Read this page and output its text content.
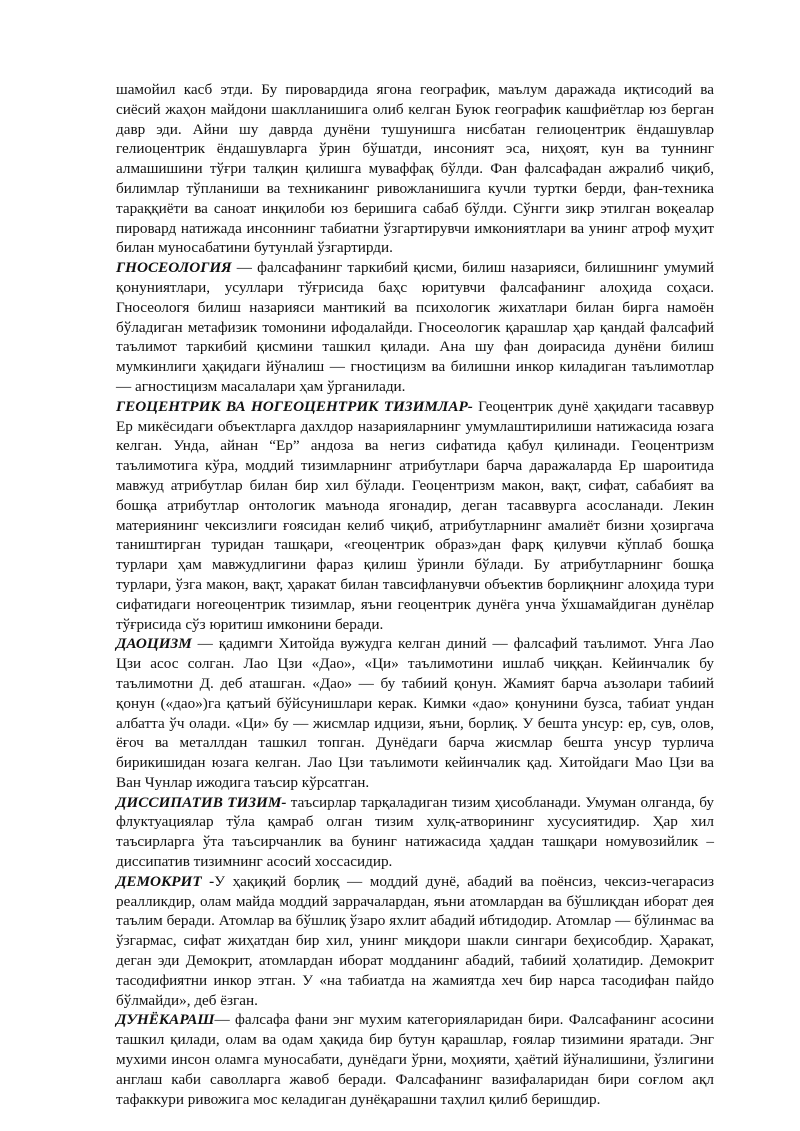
шамойил касб этди. Бу пировардида ягона географик, маълум даражада иқтисодий ва сиёсий жаҳон майдони шаклланишига олиб келган Буюк географик кашфиётлар юз берган давр эди. Айни шу даврда дунёни тушунишга нисбатан гелиоцентрик ёндашувлар гелиоцентрик ёндашувларга ўрин бўшатди, инсоният эса, ниҳоят, кун ва туннинг алмашишини тўғри талқин қилишга муваффақ бўлди. Фан фалсафадан ажралиб чиқиб, билимлар тўпланиши ва техниканинг ривожланишига кучли туртки берди, фан-техника тараққиёти ва саноат инқилоби юз беришига сабаб бўлди. Сўнгги зикр этилган воқеалар пировард натижада инсоннинг табиатни ўзгартирувчи имкониятлари ва унинг атроф муҳит билан муносабатини бутунлай ўзгартирди.

ГНОСЕОЛОГИЯ — фалсафанинг таркибий қисми, билиш назарияси, билишнинг умумий қонуниятлари, усуллари тўғрисида баҳс юритувчи фалсафанинг алоҳида соҳаси. Гносеологя билиш назарияси мантикий ва психологик жихатлари билан бирга намоён бўладиган метафизик томонини ифодалайди. Гносеологик қарашлар ҳар қандай фалсафий таълимот таркибий қисмини ташкил қилади. Ана шу фан доирасида дунёни билиш мумкинлиги ҳақидаги йўналиш — гностицизм ва билишни инкор киладиган таълимотлар — агностицизм масалалари ҳам ўрганилади.

ГЕОЦЕНТРИК ВА НОГЕОЦЕНТРИК ТИЗИМЛАР- Геоцентрик дунё ҳақидаги тасаввур Ер микёсидаги объектларга дахлдор назарияларнинг умумлаштирилиши натижасида юзага келган. Унда, айнан “Ер” андоза ва негиз сифатида қабул қилинади. Геоцентризм таълимотига кўра, моддий тизимларнинг атрибутлари барча даражаларда Ер шароитида мавжуд атрибутлар билан бир хил бўлади. Геоцентризм макон, вақт, сифат, сабабият ва бошқа атрибутлар онтологик маънода ягонадир, деган тасаввурга асосланади. Лекин материянинг чексизлиги ғоясидан келиб чиқиб, атрибутларнинг амалиёт бизни ҳозиргача таништирган туридан ташқари, «геоцентрик образ»дан фарқ қилувчи кўплаб бошқа турлари ҳам мавжудлигини фараз қилиш ўринли бўлади. Бу атрибутларнинг бошқа турлари, ўзга макон, вақт, ҳаракат билан тавсифланувчи объектив борлиқнинг алоҳида тури сифатидаги ногеоцентрик тизимлар, яъни геоцентрик дунёга унча ўхшамайдиган дунёлар тўғрисида сўз юритиш имконини беради.

ДАОЦИЗМ — қадимги Хитойда вужудга келган диний — фалсафий таълимот. Унга Лао Цзи асос солган. Лао Цзи «Дао», «Ци» таълимотини ишлаб чиққан. Кейинчалик бу таълимотни Д. деб аташган. «Дао» — бу табиий қонун. Жамият барча аъзолари табиий қонун («дао»)га қатъий бўйсунишлари керак. Кимки «дао» қонунини бузса, табиат ундан албатта ўч олади. «Ци» бу — жисмлар идцизи, яъни, борлиқ. У бешта унсур: ер, сув, олов, ёғоч ва металлдан ташкил топган. Дунёдаги барча жисмлар бешта унсур турлича бирикишидан юзага келган. Лао Цзи таълимоти кейинчалик қад. Хитойдаги Мао Цзи ва Ван Чунлар ижодига таъсир кўрсатган.

ДИССИПАТИВ ТИЗИМ- таъсирлар тарқаладиган тизим ҳисобланади. Умуман олганда, бу флуктуациялар тўла қамраб олган тизим хулқ-атворининг хусусиятидир. Ҳар хил таъсирларга ўта таъсирчанлик ва бунинг натижасида ҳаддан ташқари номувозийлик – диссипатив тизимнинг асосий хоссасидир.

ДЕМОКРИТ -У ҳақиқий борлиқ — моддий дунё, абадий ва поёнсиз, чексиз-чегарасиз реалликдир, олам майда моддий заррачалардан, яъни атомлардан ва бўшлиқдан иборат дея таълим беради. Атомлар ва бўшлиқ ўзаро яхлит абадий ибтидодир. Атомлар — бўлинмас ва ўзгармас, сифат жиҳатдан бир хил, унинг миқдори шакли сингари беҳисобдир. Ҳаракат, деган эди Демокрит, атомлардан иборат модданинг абадий, табиий ҳолатидир. Демокрит тасодифиятни инкор этган. У «на табиатда на жамиятда хеч бир нарса тасодифан пайдо бўлмайди», деб ёзган.

ДУНЁКАРАШ— фалсафа фани энг мухим категорияларидан бири. Фалсафанинг асосини ташкил қилади, олам ва одам ҳақида бир бутун қарашлар, ғоялар тизимини яратади. Энг мухими инсон оламга муносабати, дунёдаги ўрни, моҳияти, ҳаётий йўналишини, ўзлигини англаш каби саволларга жавоб беради. Фалсафанинг вазифаларидан бири соғлом ақл тафаккури ривожига мос келадиган дунёқарашни таҳлил қилиб беришдир.
